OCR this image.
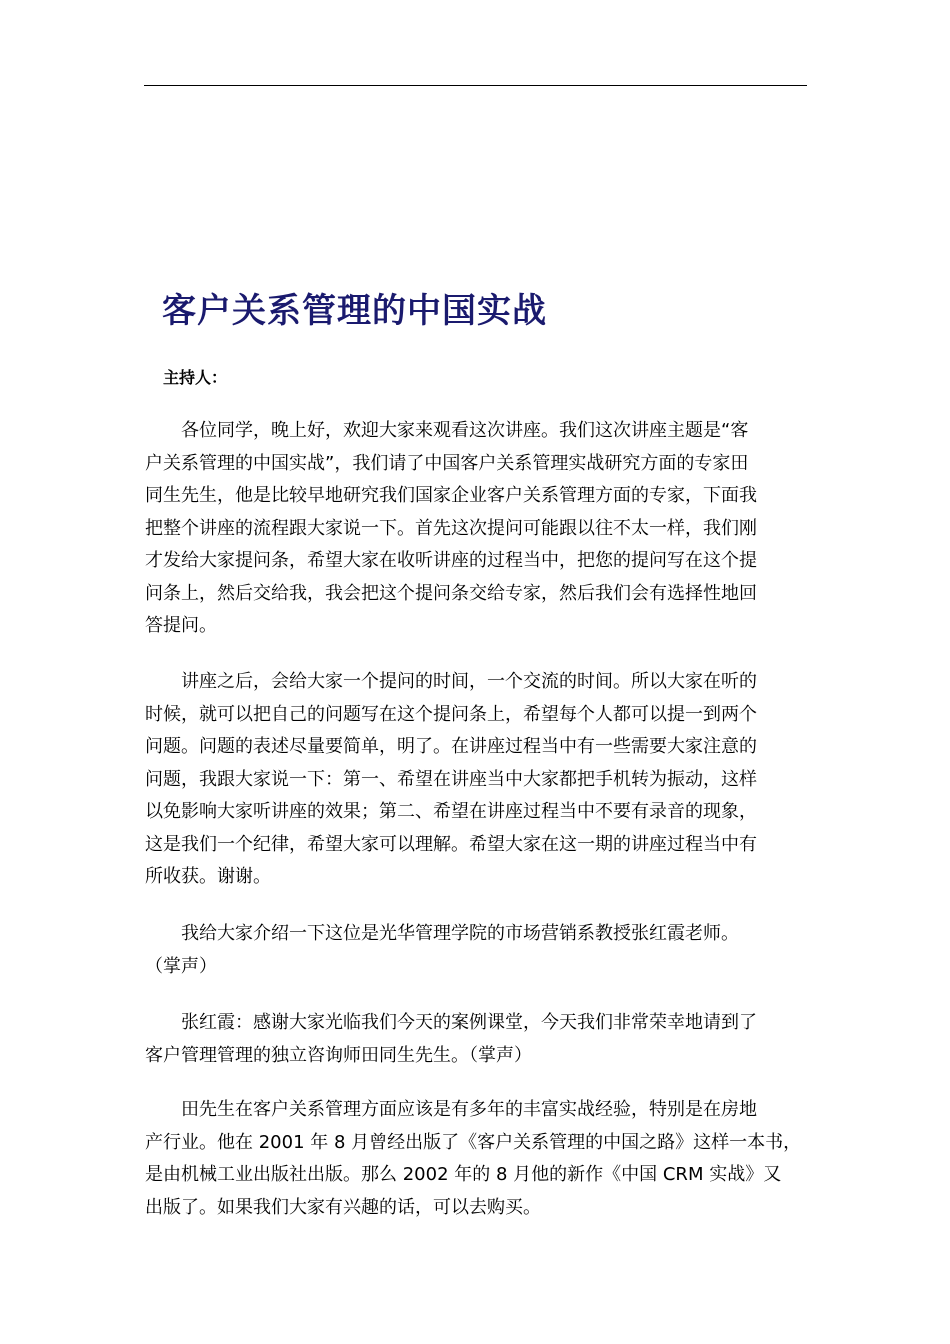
客户关系管理的中国实战

主持人：

各位同学，晚上好，欢迎大家来观看这次讲座。我们这次讲座主题是“客
户关系管理的中国实战”，我们请了中国客户关系管理实战研究方面的专家田
同生先生，他是比较早地研究我们国家企业客户关系管理方面的专家，下面我
把整个讲座的流程跟大家说一下。首先这次提问可能跟以往不太一样，我们刚
才发给大家提问条，希望大家在收听讲座的过程当中，把您的提问写在这个提
问条上，然后交给我，我会把这个提问条交给专家，然后我们会有选择性地回
答提问。
讲座之后，会给大家一个提问的时间，一个交流的时间。所以大家在听的
时候，就可以把自己的问题写在这个提问条上，希望每个人都可以提一到两个
问题。问题的表述尽量要简单，明了。在讲座过程当中有一些需要大家注意的
问题，我跟大家说一下：第一、希望在讲座当中大家都把手机转为振动，这样
以免影响大家听讲座的效果；第二、希望在讲座过程当中不要有录音的现象，
这是我们一个纪律，希望大家可以理解。希望大家在这一期的讲座过程当中有
所收获。谢谢。
我给大家介绍一下这位是光华管理学院的市场营销系教授张红霞老师。
（掌声）
张红霞：感谢大家光临我们今天的案例课堂，今天我们非常荣幸地请到了
客户管理管理的独立咨询师田同生先生。（掌声）
田先生在客户关系管理方面应该是有多年的丰富实战经验，特别是在房地
产行业。他在 2001 年 8 月曾经出版了《客户关系管理的中国之路》这样一本书，
是由机械工业出版社出版。那么 2002 年的 8 月他的新作《中国 CRM 实战》又
出版了。如果我们大家有兴趣的话，可以去购买。
